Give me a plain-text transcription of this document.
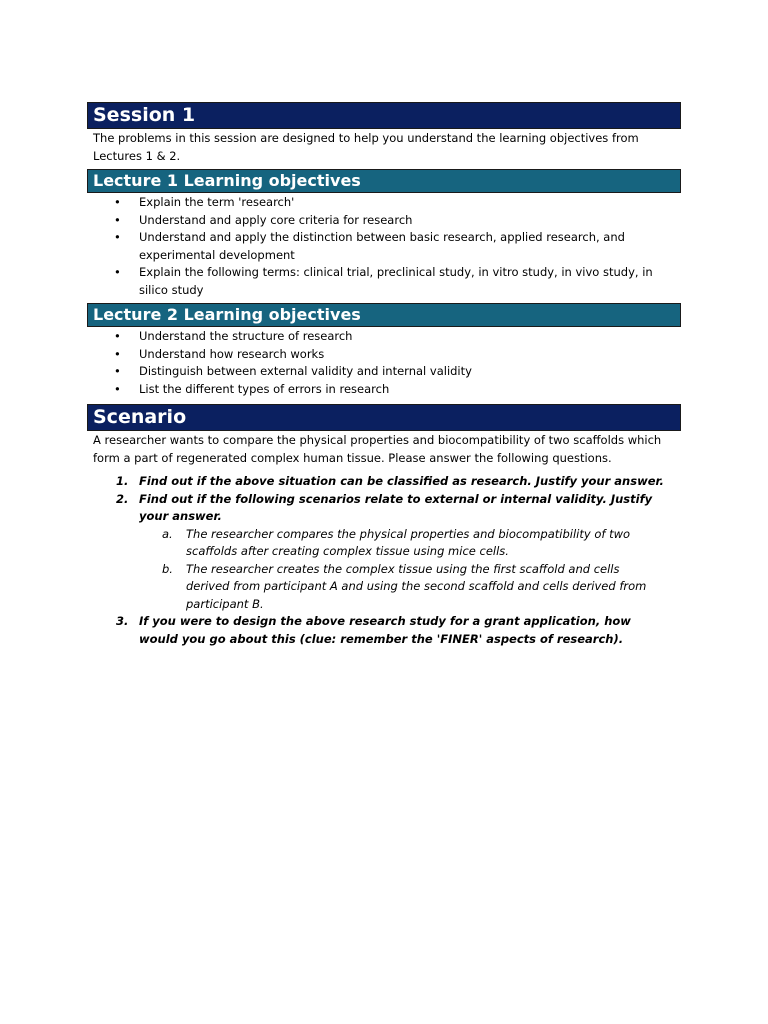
Session 1
The problems in this session are designed to help you understand the learning objectives from Lectures 1 & 2.
Lecture 1 Learning objectives
• Explain the term 'research'
• Understand and apply core criteria for research
• Understand and apply the distinction between basic research, applied research, and experimental development
• Explain the following terms: clinical trial, preclinical study, in vitro study, in vivo study, in silico study
Lecture 2 Learning objectives
• Understand the structure of research
• Understand how research works
• Distinguish between external validity and internal validity
• List the different types of errors in research
Scenario
A researcher wants to compare the physical properties and biocompatibility of two scaffolds which form a part of regenerated complex human tissue. Please answer the following questions.
1. Find out if the above situation can be classified as research. Justify your answer.
2. Find out if the following scenarios relate to external or internal validity. Justify your answer.
a. The researcher compares the physical properties and biocompatibility of two scaffolds after creating complex tissue using mice cells.
b. The researcher creates the complex tissue using the first scaffold and cells derived from participant A and using the second scaffold and cells derived from participant B.
3. If you were to design the above research study for a grant application, how would you go about this (clue: remember the 'FINER' aspects of research).
